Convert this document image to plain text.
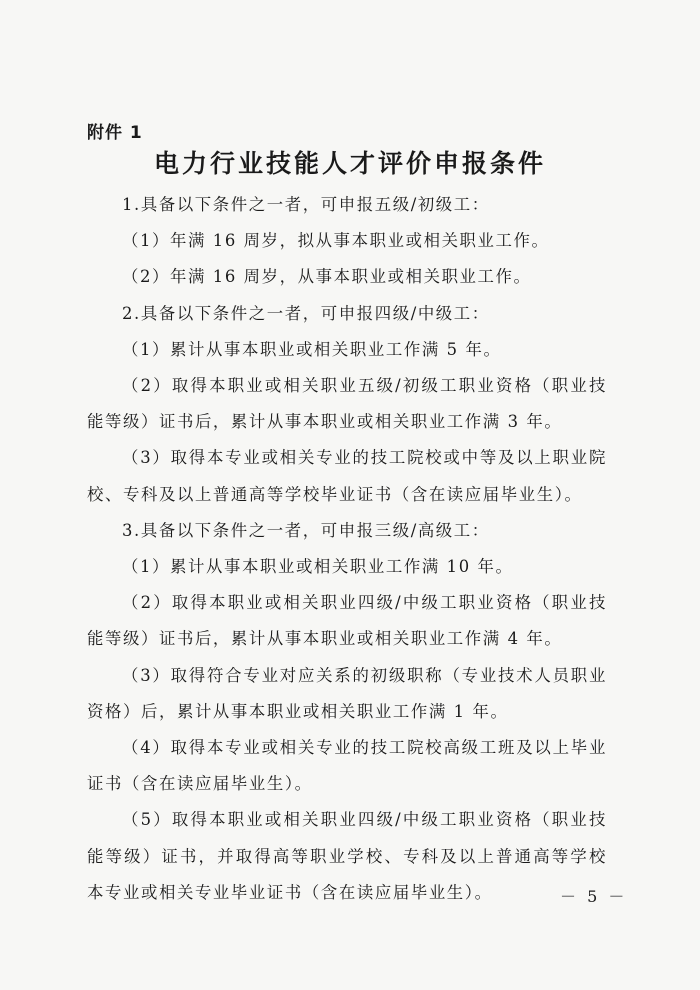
附件 1
电力行业技能人才评价申报条件

1.具备以下条件之一者，可申报五级/初级工：

（1）年满 16 周岁，拟从事本职业或相关职业工作。

（2）年满 16 周岁，从事本职业或相关职业工作。

2.具备以下条件之一者，可申报四级/中级工：

（1）累计从事本职业或相关职业工作满 5 年。

（2）取得本职业或相关职业五级/初级工职业资格（职业技能等级）证书后，累计从事本职业或相关职业工作满 3 年。

（3）取得本专业或相关专业的技工院校或中等及以上职业院校、专科及以上普通高等学校毕业证书（含在读应届毕业生）。

3.具备以下条件之一者，可申报三级/高级工：

（1）累计从事本职业或相关职业工作满 10 年。

（2）取得本职业或相关职业四级/中级工职业资格（职业技能等级）证书后，累计从事本职业或相关职业工作满 4 年。

（3）取得符合专业对应关系的初级职称（专业技术人员职业资格）后，累计从事本职业或相关职业工作满 1 年。

（4）取得本专业或相关专业的技工院校高级工班及以上毕业证书（含在读应届毕业生）。

（5）取得本职业或相关职业四级/中级工职业资格（职业技能等级）证书，并取得高等职业学校、专科及以上普通高等学校本专业或相关专业毕业证书（含在读应届毕业生）。	－ 5 －
